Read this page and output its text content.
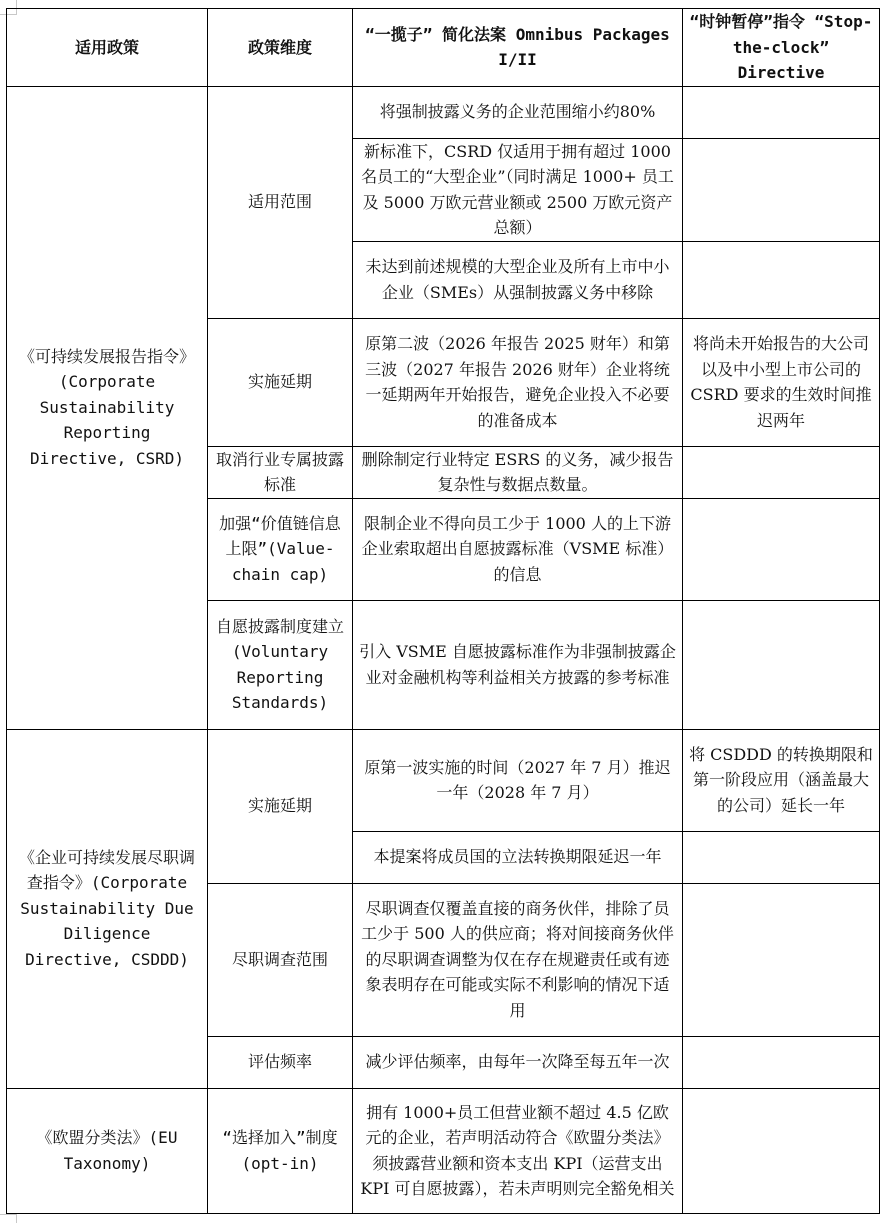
适用政策	政策维度	“一揽子” 简化法案 Omnibus Packages I/II	“时钟暂停”指令 “Stop-the-clock” Directive
《可持续发展报告指令》(Corporate Sustainability Reporting Directive, CSRD)	适用范围	将强制披露义务的企业范围缩小约80%	
		新标准下，CSRD 仅适用于拥有超过 1000 名员工的“大型企业”（同时满足 1000+ 员工及 5000 万欧元营业额或 2500 万欧元资产总额）	
		未达到前述规模的大型企业及所有上市中小企业（SMEs）从强制披露义务中移除	
	实施延期	原第二波（2026 年报告 2025 财年）和第三波（2027 年报告 2026 财年）企业将统一延期两年开始报告，避免企业投入不必要的准备成本	将尚未开始报告的大公司以及中小型上市公司的 CSRD 要求的生效时间推迟两年
	取消行业专属披露标准	删除制定行业特定 ESRS 的义务，减少报告复杂性与数据点数量。	
	加强“价值链信息上限”(Value-chain cap)	限制企业不得向员工少于 1000 人的上下游企业索取超出自愿披露标准（VSME 标准）的信息	
	自愿披露制度建立(Voluntary Reporting Standards)	引入 VSME 自愿披露标准作为非强制披露企业对金融机构等利益相关方披露的参考标准	

《企业可持续发展尽职调查指令》(Corporate Sustainability Due Diligence Directive, CSDDD)	实施延期	原第一波实施的时间（2027 年 7 月）推迟一年（2028 年 7 月）	将 CSDDD 的转换期限和第一阶段应用（涵盖最大的公司）延长一年
		本提案将成员国的立法转换期限延迟一年	
	尽职调查范围	尽职调查仅覆盖直接的商务伙伴，排除了员工少于 500 人的供应商；将对间接商务伙伴的尽职调查调整为仅在存在规避责任或有迹象表明存在可能或实际不利影响的情况下适用	
	评估频率	减少评估频率，由每年一次降至每五年一次	
《欧盟分类法》(EU Taxonomy)	“选择加入”制度(opt-in)	拥有 1000+员工但营业额不超过 4.5 亿欧元的企业，若声明活动符合《欧盟分类法》须披露营业额和资本支出 KPI（运营支出 KPI 可自愿披露），若未声明则完全豁免相关	
